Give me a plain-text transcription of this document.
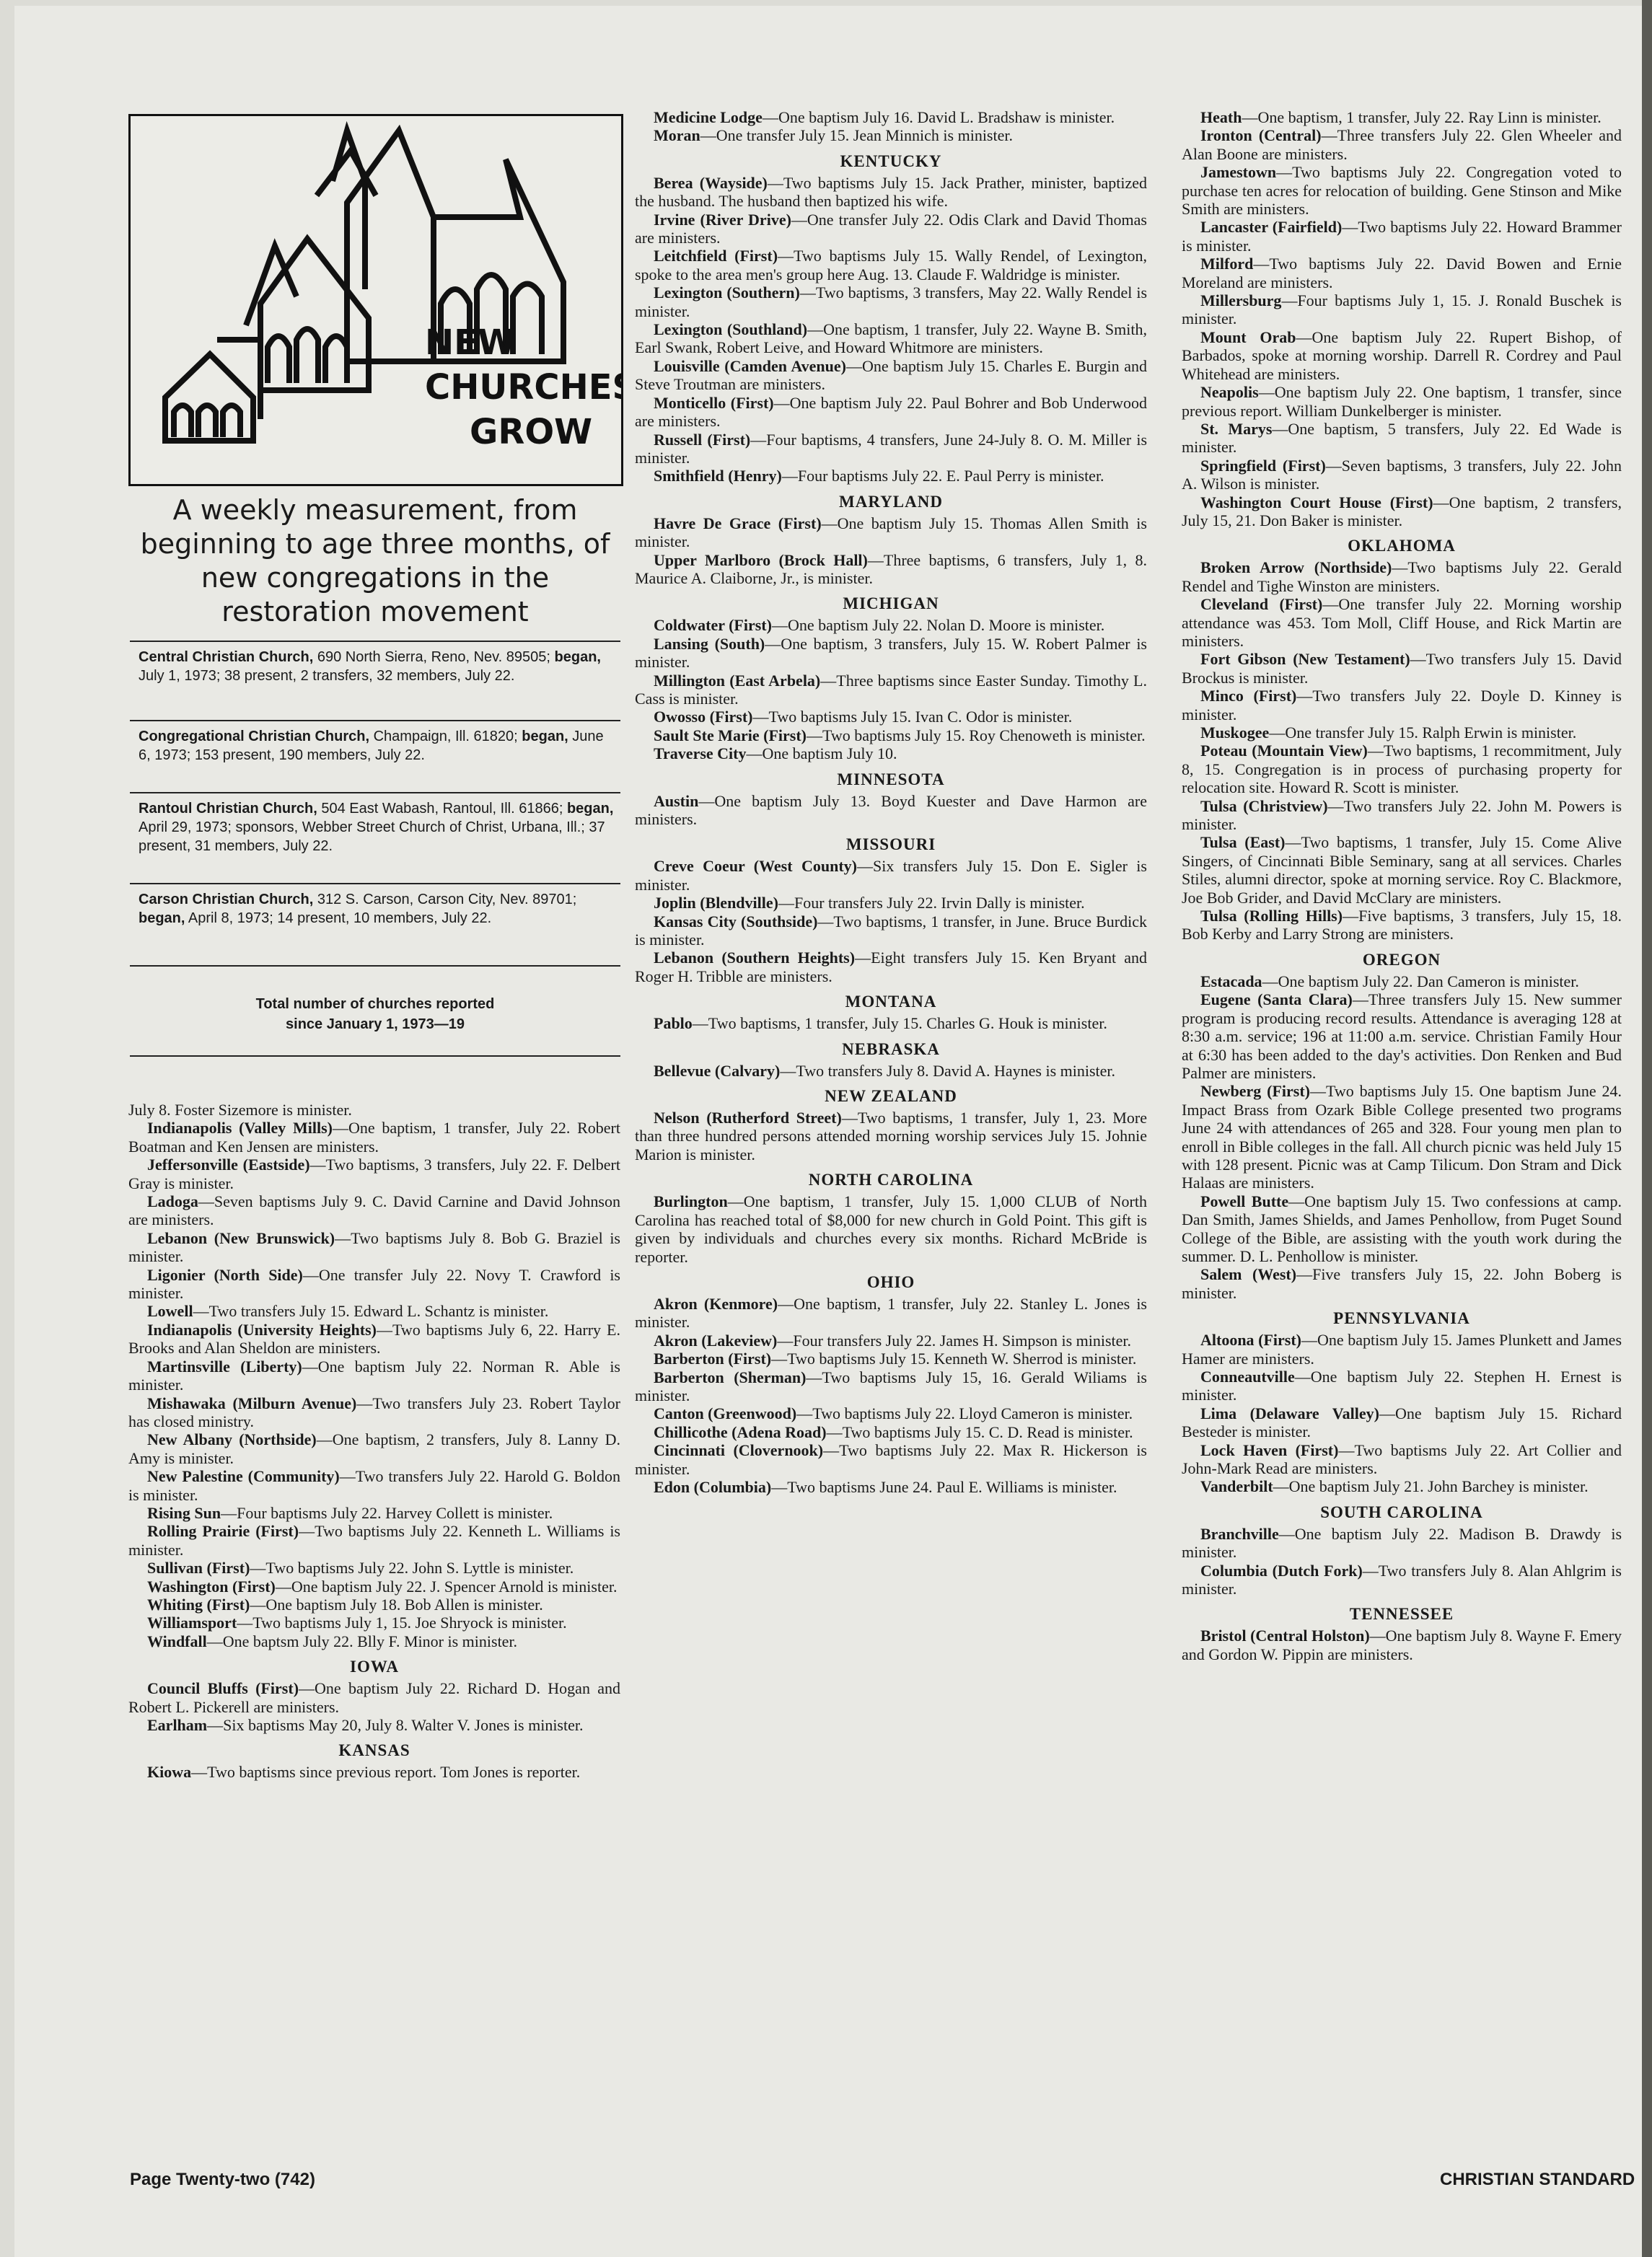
NEW
CHURCHES
GROW
A weekly measurement, from beginning to age three months, of new congregations in the restoration movement
Central Christian Church, 690 North Sierra, Reno, Nev. 89505; began, July 1, 1973; 38 present, 2 transfers, 32 members, July 22.
Congregational Christian Church, Champaign, Ill. 61820; began, June 6, 1973; 153 present, 190 members, July 22.
Rantoul Christian Church, 504 East Wabash, Rantoul, Ill. 61866; began, April 29, 1973; sponsors, Webber Street Church of Christ, Urbana, Ill.; 37 present, 31 members, July 22.
Carson Christian Church, 312 S. Carson, Carson City, Nev. 89701; began, April 8, 1973; 14 present, 10 members, July 22.
Total number of churches reported
since January 1, 1973—19

July 8. Foster Sizemore is minister.

Indianapolis (Valley Mills)—One baptism, 1 transfer, July 22. Robert Boatman and Ken Jensen are ministers.

Jeffersonville (Eastside)—Two baptisms, 3 transfers, July 22. F. Delbert Gray is minister.

Ladoga—Seven baptisms July 9. C. David Carnine and David Johnson are ministers.

Lebanon (New Brunswick)—Two baptisms July 8. Bob G. Braziel is minister.

Ligonier (North Side)—One transfer July 22. Novy T. Crawford is minister.

Lowell—Two transfers July 15. Edward L. Schantz is minister.

Indianapolis (University Heights)—Two baptisms July 6, 22. Harry E. Brooks and Alan Sheldon are ministers.

Martinsville (Liberty)—One baptism July 22. Norman R. Able is minister.

Mishawaka (Milburn Avenue)—Two transfers July 23. Robert Taylor has closed ministry.

New Albany (Northside)—One baptism, 2 transfers, July 8. Lanny D. Amy is minister.

New Palestine (Community)—Two transfers July 22. Harold G. Boldon is minister.

Rising Sun—Four baptisms July 22. Harvey Collett is minister.

Rolling Prairie (First)—Two baptisms July 22. Kenneth L. Williams is minister.

Sullivan (First)—Two baptisms July 22. John S. Lyttle is minister.

Washington (First)—One baptism July 22. J. Spencer Arnold is minister.

Whiting (First)—One baptism July 18. Bob Allen is minister.

Williamsport—Two baptisms July 1, 15. Joe Shryock is minister.

Windfall—One baptsm July 22. Blly F. Minor is minister.

IOWA

Council Bluffs (First)—One baptism July 22. Richard D. Hogan and Robert L. Pickerell are ministers.

Earlham—Six baptisms May 20, July 8. Walter V. Jones is minister.

KANSAS

Kiowa—Two baptisms since previous report. Tom Jones is reporter.

Medicine Lodge—One baptism July 16. David L. Bradshaw is minister.

Moran—One transfer July 15. Jean Minnich is minister.

KENTUCKY

Berea (Wayside)—Two baptisms July 15. Jack Prather, minister, baptized the husband. The husband then baptized his wife.

Irvine (River Drive)—One transfer July 22. Odis Clark and David Thomas are ministers.

Leitchfield (First)—Two baptisms July 15. Wally Rendel, of Lexington, spoke to the area men's group here Aug. 13. Claude F. Waldridge is minister.

Lexington (Southern)—Two baptisms, 3 transfers, May 22. Wally Rendel is minister.

Lexington (Southland)—One baptism, 1 transfer, July 22. Wayne B. Smith, Earl Swank, Robert Leive, and Howard Whitmore are ministers.

Louisville (Camden Avenue)—One baptism July 15. Charles E. Burgin and Steve Troutman are ministers.

Monticello (First)—One baptism July 22. Paul Bohrer and Bob Underwood are ministers.

Russell (First)—Four baptisms, 4 transfers, June 24-July 8. O. M. Miller is minister.

Smithfield (Henry)—Four baptisms July 22. E. Paul Perry is minister.

MARYLAND

Havre De Grace (First)—One baptism July 15. Thomas Allen Smith is minister.

Upper Marlboro (Brock Hall)—Three baptisms, 6 transfers, July 1, 8. Maurice A. Claiborne, Jr., is minister.

MICHIGAN

Coldwater (First)—One baptism July 22. Nolan D. Moore is minister.

Lansing (South)—One baptism, 3 transfers, July 15. W. Robert Palmer is minister.

Millington (East Arbela)—Three baptisms since Easter Sunday. Timothy L. Cass is minister.

Owosso (First)—Two baptisms July 15. Ivan C. Odor is minister.

Sault Ste Marie (First)—Two baptisms July 15. Roy Chenoweth is minister.

Traverse City—One baptism July 10.

MINNESOTA

Austin—One baptism July 13. Boyd Kuester and Dave Harmon are ministers.

MISSOURI

Creve Coeur (West County)—Six transfers July 15. Don E. Sigler is minister.

Joplin (Blendville)—Four transfers July 22. Irvin Dally is minister.

Kansas City (Southside)—Two baptisms, 1 transfer, in June. Bruce Burdick is minister.

Lebanon (Southern Heights)—Eight transfers July 15. Ken Bryant and Roger H. Tribble are ministers.

MONTANA

Pablo—Two baptisms, 1 transfer, July 15. Charles G. Houk is minister.

NEBRASKA

Bellevue (Calvary)—Two transfers July 8. David A. Haynes is minister.

NEW ZEALAND

Nelson (Rutherford Street)—Two baptisms, 1 transfer, July 1, 23. More than three hundred persons attended morning worship services July 15. Johnie Marion is minister.

NORTH CAROLINA

Burlington—One baptism, 1 transfer, July 15. 1,000 CLUB of North Carolina has reached total of $8,000 for new church in Gold Point. This gift is given by individuals and churches every six months. Richard McBride is reporter.

OHIO

Akron (Kenmore)—One baptism, 1 transfer, July 22. Stanley L. Jones is minister.

Akron (Lakeview)—Four transfers July 22. James H. Simpson is minister.

Barberton (First)—Two baptisms July 15. Kenneth W. Sherrod is minister.

Barberton (Sherman)—Two baptisms July 15, 16. Gerald Wiliams is minister.

Canton (Greenwood)—Two baptisms July 22. Lloyd Cameron is minister.

Chillicothe (Adena Road)—Two baptisms July 15. C. D. Read is minister.

Cincinnati (Clovernook)—Two baptisms July 22. Max R. Hickerson is minister.

Edon (Columbia)—Two baptisms June 24. Paul E. Williams is minister.

Heath—One baptism, 1 transfer, July 22. Ray Linn is minister.

Ironton (Central)—Three transfers July 22. Glen Wheeler and Alan Boone are ministers.

Jamestown—Two baptisms July 22. Congregation voted to purchase ten acres for relocation of building. Gene Stinson and Mike Smith are ministers.

Lancaster (Fairfield)—Two baptisms July 22. Howard Brammer is minister.

Milford—Two baptisms July 22. David Bowen and Ernie Moreland are ministers.

Millersburg—Four baptisms July 1, 15. J. Ronald Buschek is minister.

Mount Orab—One baptism July 22. Rupert Bishop, of Barbados, spoke at morning worship. Darrell R. Cordrey and Paul Whitehead are ministers.

Neapolis—One baptism July 22. One baptism, 1 transfer, since previous report. William Dunkelberger is minister.

St. Marys—One baptism, 5 transfers, July 22. Ed Wade is minister.

Springfield (First)—Seven baptisms, 3 transfers, July 22. John A. Wilson is minister.

Washington Court House (First)—One baptism, 2 transfers, July 15, 21. Don Baker is minister.

OKLAHOMA

Broken Arrow (Northside)—Two baptisms July 22. Gerald Rendel and Tighe Winston are ministers.

Cleveland (First)—One transfer July 22. Morning worship attendance was 453. Tom Moll, Cliff House, and Rick Martin are ministers.

Fort Gibson (New Testament)—Two transfers July 15. David Brockus is minister.

Minco (First)—Two transfers July 22. Doyle D. Kinney is minister.

Muskogee—One transfer July 15. Ralph Erwin is minister.

Poteau (Mountain View)—Two baptisms, 1 recommitment, July 8, 15. Congregation is in process of purchasing property for relocation site. Howard R. Scott is minister.

Tulsa (Christview)—Two transfers July 22. John M. Powers is minister.

Tulsa (East)—Two baptisms, 1 transfer, July 15. Come Alive Singers, of Cincinnati Bible Seminary, sang at all services. Charles Stiles, alumni director, spoke at morning service. Roy C. Blackmore, Joe Bob Grider, and David McClary are ministers.

Tulsa (Rolling Hills)—Five baptisms, 3 transfers, July 15, 18. Bob Kerby and Larry Strong are ministers.

OREGON

Estacada—One baptism July 22. Dan Cameron is minister.

Eugene (Santa Clara)—Three transfers July 15. New summer program is producing record results. Attendance is averaging 128 at 8:30 a.m. service; 196 at 11:00 a.m. service. Christian Family Hour at 6:30 has been added to the day's activities. Don Renken and Bud Palmer are ministers.

Newberg (First)—Two baptisms July 15. One baptism June 24. Impact Brass from Ozark Bible College presented two programs June 24 with attendances of 265 and 328. Four young men plan to enroll in Bible colleges in the fall. All church picnic was held July 15 with 128 present. Picnic was at Camp Tilicum. Don Stram and Dick Halaas are ministers.

Powell Butte—One baptism July 15. Two confessions at camp. Dan Smith, James Shields, and James Penhollow, from Puget Sound College of the Bible, are assisting with the youth work during the summer. D. L. Penhollow is minister.

Salem (West)—Five transfers July 15, 22. John Boberg is minister.

PENNSYLVANIA

Altoona (First)—One baptism July 15. James Plunkett and James Hamer are ministers.

Conneautville—One baptism July 22. Stephen H. Ernest is minister.

Lima (Delaware Valley)—One baptism July 15. Richard Besteder is minister.

Lock Haven (First)—Two baptisms July 22. Art Collier and John-Mark Read are ministers.

Vanderbilt—One baptism July 21. John Barchey is minister.

SOUTH CAROLINA

Branchville—One baptism July 22. Madison B. Drawdy is minister.

Columbia (Dutch Fork)—Two transfers July 8. Alan Ahlgrim is minister.

TENNESSEE

Bristol (Central Holston)—One baptism July 8. Wayne F. Emery and Gordon W. Pippin are ministers.

Page Twenty-two (742)	CHRISTIAN STANDARD
